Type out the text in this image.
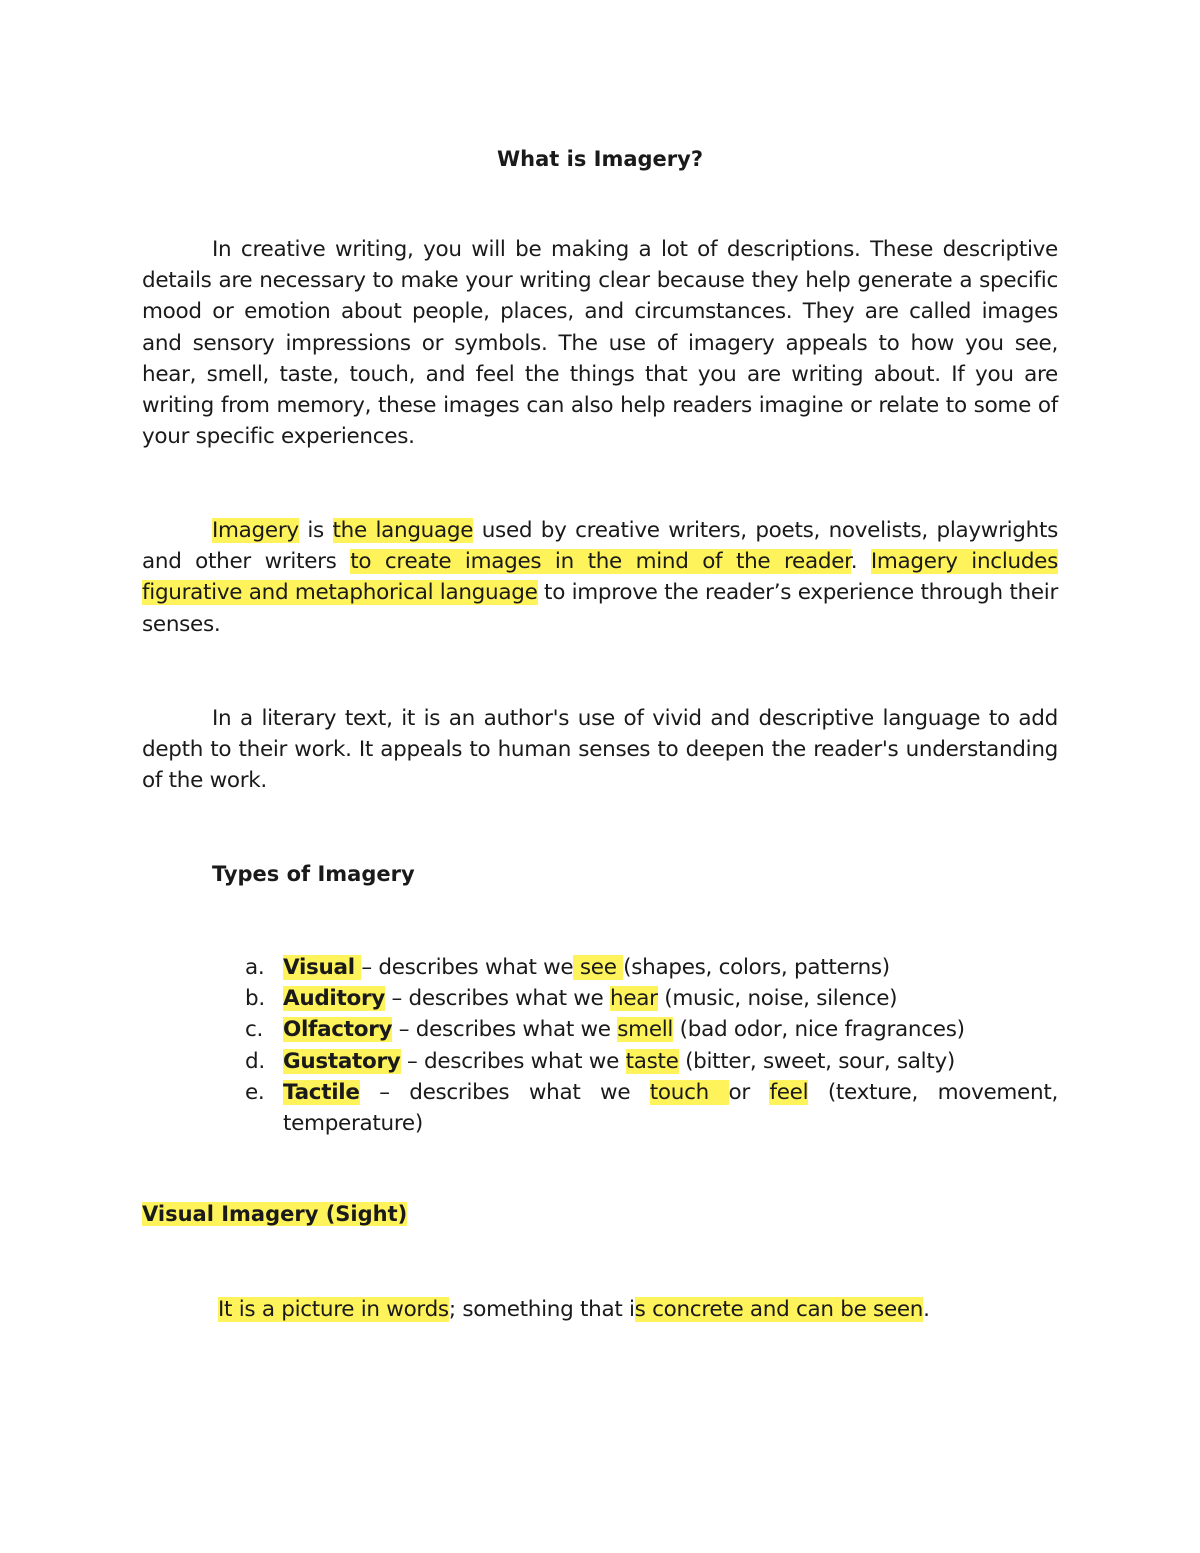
What is Imagery?

In creative writing, you will be making a lot of descriptions. These descriptive details are necessary to make your writing clear because they help generate a specific mood or emotion about people, places, and circumstances. They are called images and sensory impressions or symbols. The use of imagery appeals to how you see, hear, smell, taste, touch, and feel the things that you are writing about. If you are writing from memory, these images can also help readers imagine or relate to some of your specific experiences.

Imagery is the language used by creative writers, poets, novelists, playwrights and other writers to create images in the mind of the reader. Imagery includes figurative and metaphorical language to improve the reader’s experience through their senses.

In a literary text, it is an author's use of vivid and descriptive language to add depth to their work. It appeals to human senses to deepen the reader's understanding of the work.

Types of Imagery
a. Visual – describes what we see (shapes, colors, patterns)
b. Auditory – describes what we hear (music, noise, silence)
c. Olfactory – describes what we smell (bad odor, nice fragrances)
d. Gustatory – describes what we taste (bitter, sweet, sour, salty)
e. Tactile – describes what we touch or feel (texture, movement, temperature)
Visual Imagery (Sight)

It is a picture in words; something that is concrete and can be seen.
